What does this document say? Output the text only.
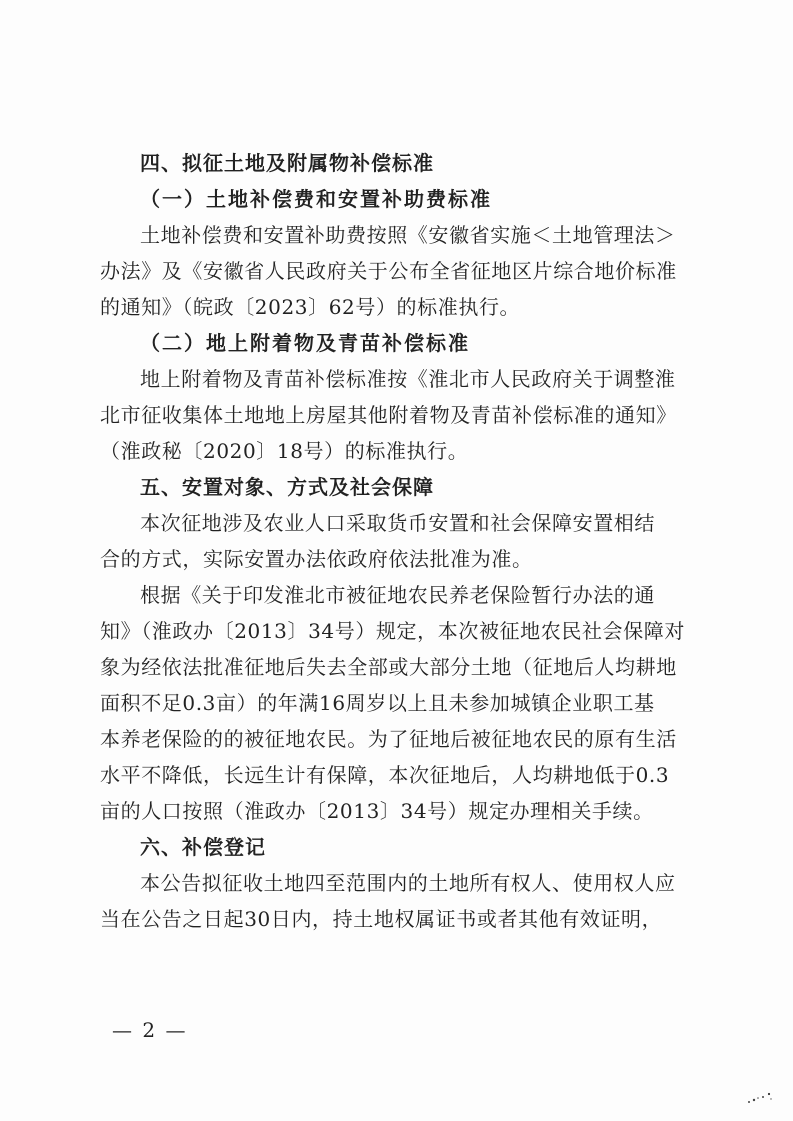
四、拟征土地及附属物补偿标准
（一）土地补偿费和安置补助费标准
土地补偿费和安置补助费按照《安徽省实施＜土地管理法＞
办法》及《安徽省人民政府关于公布全省征地区片综合地价标准
的通知》（皖政〔2023〕62号）的标准执行。
（二）地上附着物及青苗补偿标准
地上附着物及青苗补偿标准按《淮北市人民政府关于调整淮
北市征收集体土地地上房屋其他附着物及青苗补偿标准的通知》
（淮政秘〔2020〕18号）的标准执行。
五、安置对象、方式及社会保障
本次征地涉及农业人口采取货币安置和社会保障安置相结
合的方式，实际安置办法依政府依法批准为准。
根据《关于印发淮北市被征地农民养老保险暂行办法的通
知》（淮政办〔2013〕34号）规定，本次被征地农民社会保障对
象为经依法批准征地后失去全部或大部分土地（征地后人均耕地
面积不足0.3亩）的年满16周岁以上且未参加城镇企业职工基
本养老保险的的被征地农民。为了征地后被征地农民的原有生活
水平不降低，长远生计有保障，本次征地后，人均耕地低于0.3
亩的人口按照（淮政办〔2013〕34号）规定办理相关手续。
六、补偿登记
本公告拟征收土地四至范围内的土地所有权人、使用权人应
当在公告之日起30日内，持土地权属证书或者其他有效证明，
— 2 —
